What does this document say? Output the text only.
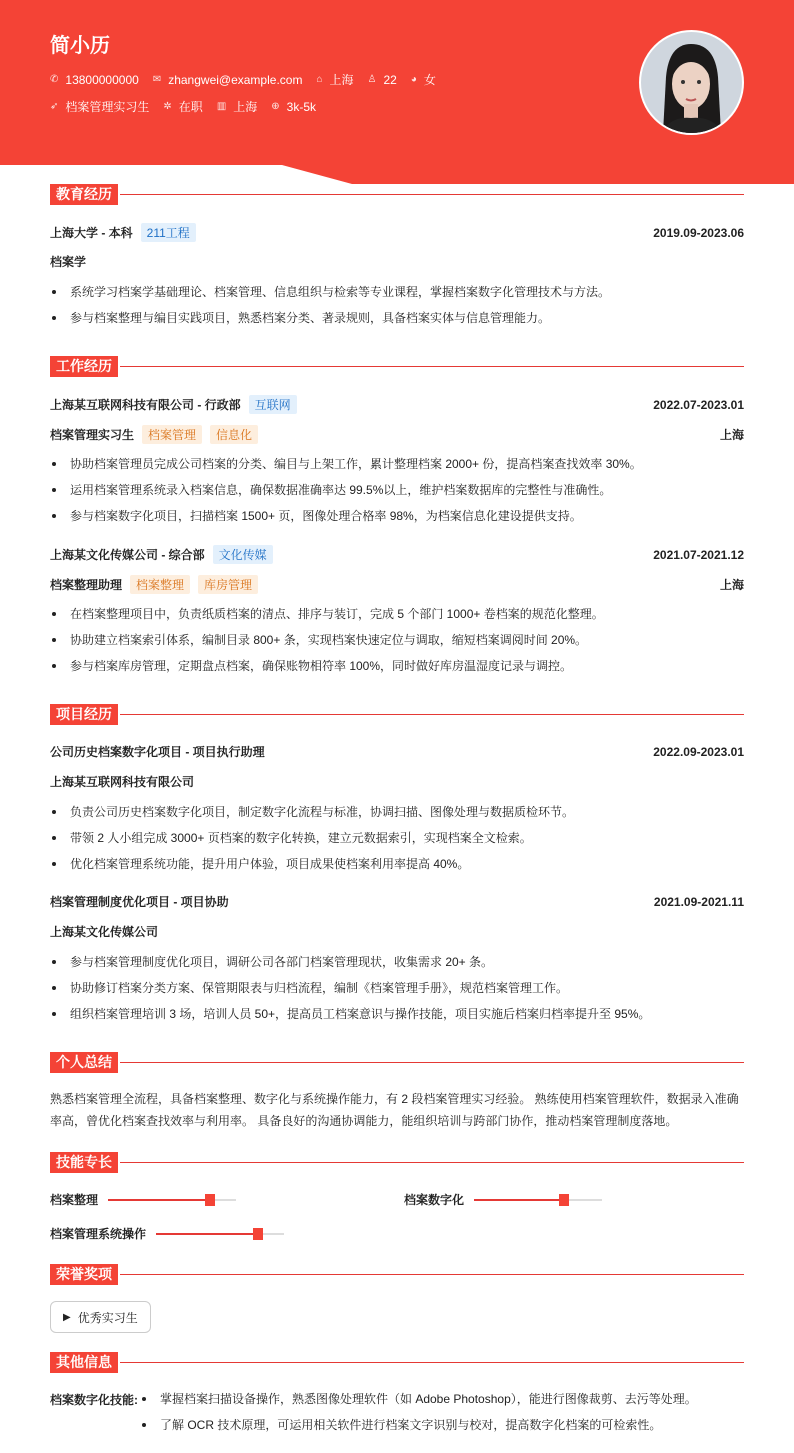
简小历
✆ 13800000000 ✉ zhangwei@example.com ⌂ 上海 ♙ 22 ◕ 女
➶ 档案管理实习生 ✲ 在职 ▥ 上海 ⊕ 3k-5k
教育经历
上海大学 - 本科	211工程	2019.09-2023.06
档案学
系统学习档案学基础理论、档案管理、信息组织与检索等专业课程，掌握档案数字化管理技术与方法。
参与档案整理与编目实践项目，熟悉档案分类、著录规则，具备档案实体与信息管理能力。
工作经历
上海某互联网科技有限公司 - 行政部	互联网	2022.07-2023.01
档案管理实习生	档案管理	信息化	上海
协助档案管理员完成公司档案的分类、编目与上架工作，累计整理档案 2000+ 份，提高档案查找效率 30%。
运用档案管理系统录入档案信息，确保数据准确率达 99.5%以上，维护档案数据库的完整性与准确性。
参与档案数字化项目，扫描档案 1500+ 页，图像处理合格率 98%，为档案信息化建设提供支持。
上海某文化传媒公司 - 综合部	文化传媒	2021.07-2021.12
档案整理助理	档案整理	库房管理	上海
在档案整理项目中，负责纸质档案的清点、排序与装订，完成 5 个部门 1000+ 卷档案的规范化整理。
协助建立档案索引体系，编制目录 800+ 条，实现档案快速定位与调取，缩短档案调阅时间 20%。
参与档案库房管理，定期盘点档案，确保账物相符率 100%，同时做好库房温湿度记录与调控。
项目经历
公司历史档案数字化项目 - 项目执行助理	2022.09-2023.01
上海某互联网科技有限公司
负责公司历史档案数字化项目，制定数字化流程与标准，协调扫描、图像处理与数据质检环节。
带领 2 人小组完成 3000+ 页档案的数字化转换，建立元数据索引，实现档案全文检索。
优化档案管理系统功能，提升用户体验，项目成果使档案利用率提高 40%。
档案管理制度优化项目 - 项目协助	2021.09-2021.11
上海某文化传媒公司
参与档案管理制度优化项目，调研公司各部门档案管理现状，收集需求 20+ 条。
协助修订档案分类方案、保管期限表与归档流程，编制《档案管理手册》，规范档案管理工作。
组织档案管理培训 3 场，培训人员 50+，提高员工档案意识与操作技能，项目实施后档案归档率提升至 95%。
个人总结
熟悉档案管理全流程，具备档案整理、数字化与系统操作能力，有 2 段档案管理实习经验。 熟练使用档案管理软件，数据录入准确率高，曾优化档案查找效率与利用率。 具备良好的沟通协调能力，能组织培训与跨部门协作，推动档案管理制度落地。
技能专长
档案整理	档案数字化
档案管理系统操作
荣誉奖项
▶ 优秀实习生
其他信息
档案数字化技能:	掌握档案扫描设备操作，熟悉图像处理软件（如 Adobe Photoshop），能进行图像裁剪、去污等处理。
了解 OCR 技术原理，可运用相关软件进行档案文字识别与校对，提高数字化档案的可检索性。
